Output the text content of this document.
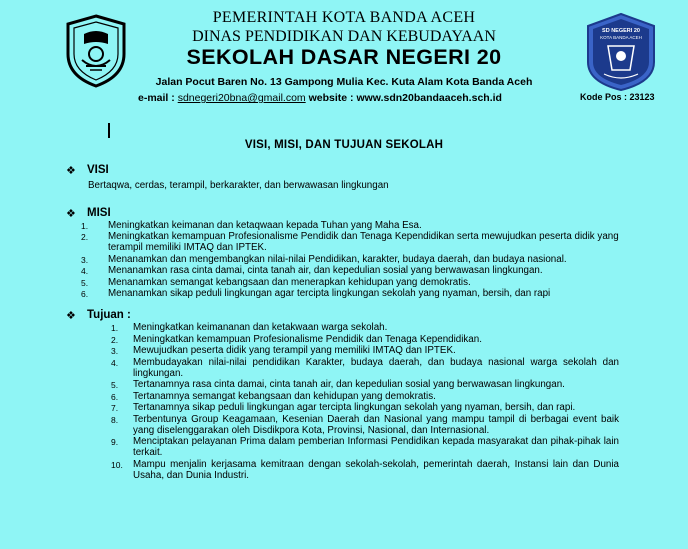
PEMERINTAH KOTA BANDA ACEH
DINAS PENDIDIKAN DAN KEBUDAYAAN
SEKOLAH DASAR NEGERI 20
Jalan Pocut Baren No. 13 Gampong Mulia Kec. Kuta Alam Kota Banda Aceh
e-mail : sdnegeri20bna@gmail.com website : www.sdn20bandaaceh.sch.id
SD NEGERI 20
KOTA BANDA ACEH
Kode Pos : 23123
VISI, MISI, DAN TUJUAN SEKOLAH
❖ VISI
Bertaqwa, cerdas, terampil, berkarakter, dan berwawasan lingkungan
❖ MISI
1. Meningkatkan keimanan dan ketaqwaan kepada Tuhan yang Maha Esa.
2. Meningkatkan kemampuan Profesionalisme Pendidik dan Tenaga Kependidikan serta mewujudkan peserta didik yang terampil memiliki IMTAQ dan IPTEK.
3. Menanamkan dan mengembangkan nilai-nilai Pendidikan, karakter, budaya daerah, dan budaya nasional.
4. Menanamkan rasa cinta damai, cinta tanah air, dan kepedulian sosial yang berwawasan lingkungan.
5. Menanamkan semangat kebangsaan dan menerapkan kehidupan yang demokratis.
6. Menanamkan sikap peduli lingkungan agar tercipta lingkungan sekolah yang nyaman, bersih, dan rapi
❖ Tujuan :
1. Meningkatkan keimananan dan ketakwaan warga sekolah.
2. Meningkatkan kemampuan Profesionalisme Pendidik dan Tenaga Kependidikan.
3. Mewujudkan peserta didik yang terampil yang memiliki IMTAQ dan IPTEK.
4. Membudayakan nilai-nilai pendidikan Karakter, budaya daerah, dan budaya nasional warga sekolah dan lingkungan.
5. Tertanamnya rasa cinta damai, cinta tanah air, dan kepedulian sosial yang berwawasan lingkungan.
6. Tertanamnya semangat kebangsaan dan kehidupan yang demokratis.
7. Tertanamnya sikap peduli lingkungan agar tercipta lingkungan sekolah yang nyaman, bersih, dan rapi.
8. Terbentunya Group Keagamaan, Kesenian Daerah dan Nasional yang mampu tampil di berbagai event baik yang diselenggarakan oleh Disdikpora Kota, Provinsi, Nasional, dan Internasional.
9. Menciptakan pelayanan Prima dalam pemberian Informasi Pendidikan kepada masyarakat dan pihak-pihak lain terkait.
10. Mampu menjalin kerjasama kemitraan dengan sekolah-sekolah, pemerintah daerah, Instansi lain dan Dunia Usaha, dan Dunia Industri.
